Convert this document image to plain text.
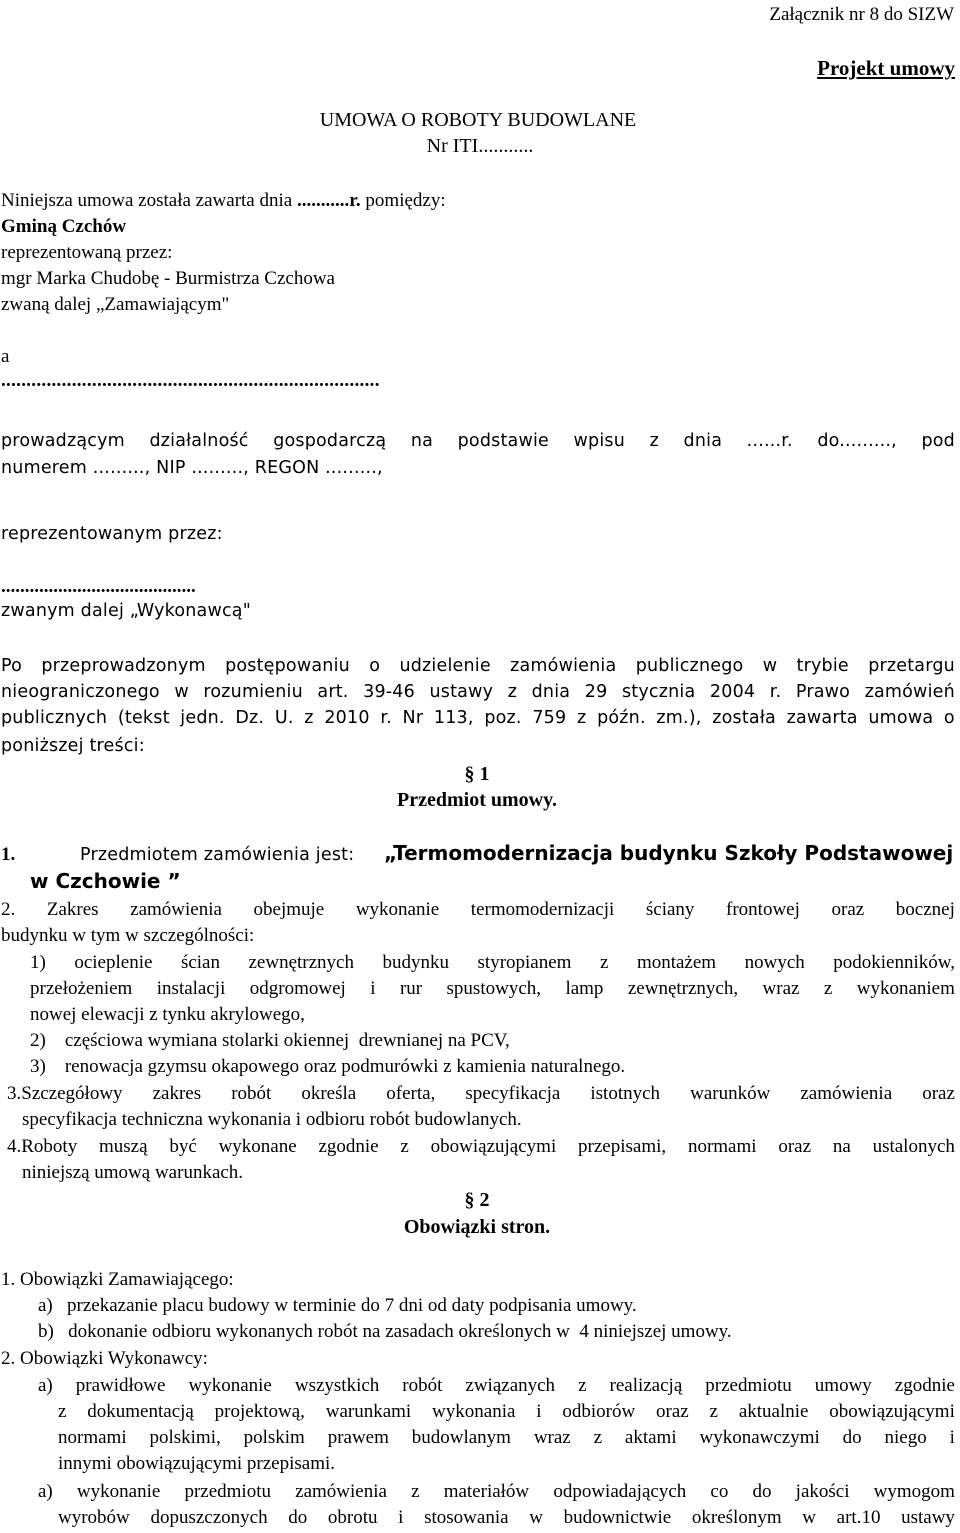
Załącznik nr 8 do SIZW
Projekt umowy
UMOWA O ROBOTY BUDOWLANE
Nr ITI...........
Niniejsza umowa została zawarta dnia ...........r. pomiędzy:
Gminą Czchów
reprezentowaną przez:
mgr Marka Chudobę - Burmistrza Czchowa
zwaną dalej „Zamawiającym"
a
...........................................................................
prowadzącym działalność gospodarczą na podstawie wpisu z dnia ......r. do........., pod
numerem ........., NIP ........., REGON .........,
reprezentowanym przez:
.........................................
zwanym dalej „Wykonawcą"
Po przeprowadzonym postępowaniu o udzielenie zamówienia publicznego w trybie przetargu
nieograniczonego w rozumieniu art. 39-46 ustawy z dnia 29 stycznia 2004 r. Prawo zamówień
publicznych (tekst jedn. Dz. U. z 2010 r. Nr 113, poz. 759 z późn. zm.), została zawarta umowa o
poniższej treści:
§ 1
Przedmiot umowy.
1.	Przedmiotem zamówienia jest: „Termomodernizacja budynku Szkoły Podstawowej
w Czchowie ”
2. Zakres zamówienia obejmuje wykonanie termomodernizacji ściany frontowej oraz bocznej
budynku w tym w szczególności:
1) ocieplenie ścian zewnętrznych budynku styropianem z montażem nowych podokienników,
przełożeniem instalacji odgromowej i rur spustowych, lamp zewnętrznych, wraz z wykonaniem
nowej elewacji z tynku akrylowego,
2)    częściowa wymiana stolarki okiennej  drewnianej na PCV,
3)    renowacja gzymsu okapowego oraz podmurówki z kamienia naturalnego.
3.Szczegółowy zakres robót określa oferta, specyfikacja istotnych warunków zamówienia oraz
specyfikacja techniczna wykonania i odbioru robót budowlanych.
4.Roboty muszą być wykonane zgodnie z obowiązującymi przepisami, normami oraz na ustalonych
niniejszą umową warunkach.
§ 2
Obowiązki stron.
1. Obowiązki Zamawiającego:
a)   przekazanie placu budowy w terminie do 7 dni od daty podpisania umowy.
b)   dokonanie odbioru wykonanych robót na zasadach określonych w  4 niniejszej umowy.
2. Obowiązki Wykonawcy:
a) prawidłowe wykonanie wszystkich robót związanych z realizacją przedmiotu umowy zgodnie
z dokumentacją projektową, warunkami wykonania i odbiorów oraz z aktualnie obowiązującymi
normami polskimi, polskim prawem budowlanym wraz z aktami wykonawczymi do niego i
innymi obowiązującymi przepisami.
a) wykonanie przedmiotu zamówienia z materiałów odpowiadających co do jakości wymogom
wyrobów dopuszczonych do obrotu i stosowania w budownictwie określonym w art.10 ustawy
